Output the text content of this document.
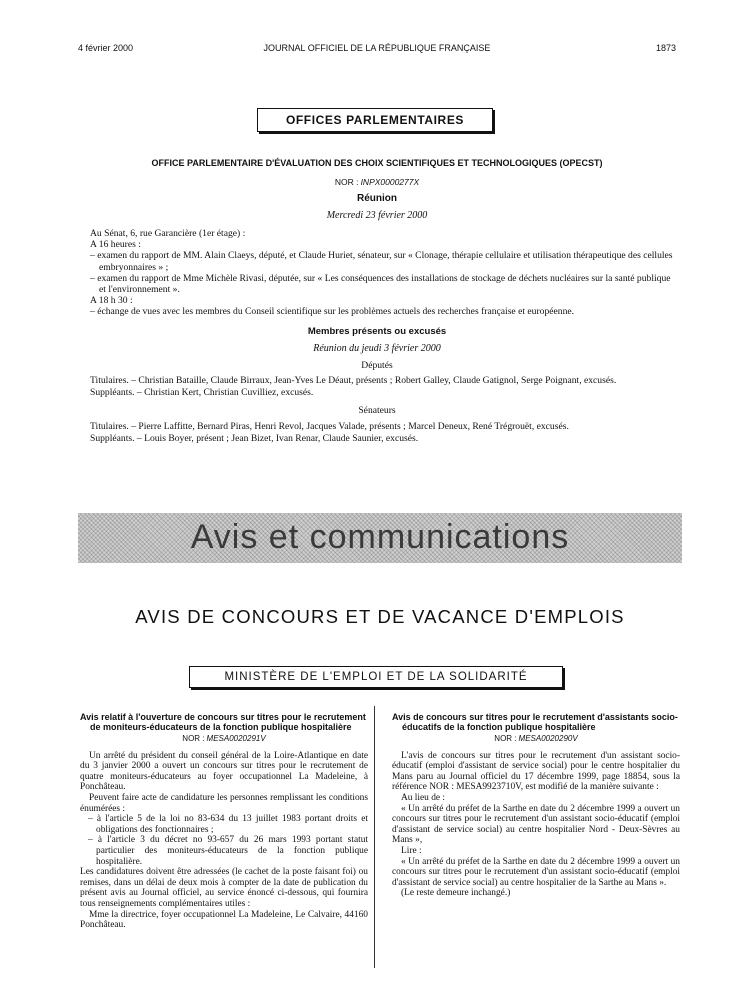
4 février 2000	JOURNAL OFFICIEL DE LA RÉPUBLIQUE FRANÇAISE	1873
OFFICES PARLEMENTAIRES
OFFICE PARLEMENTAIRE D'ÉVALUATION DES CHOIX SCIENTIFIQUES ET TECHNOLOGIQUES (OPECST)
NOR : INPX0000277X
Réunion
Mercredi 23 février 2000

Au Sénat, 6, rue Garancière (1er étage) :

A 16 heures :

– examen du rapport de MM. Alain Claeys, député, et Claude Huriet, sénateur, sur « Clonage, thérapie cellulaire et utilisation thérapeutique des cellules embryonnaires » ;

– examen du rapport de Mme Michèle Rivasi, députée, sur « Les conséquences des installations de stockage de déchets nucléaires sur la santé publique et l'environnement ».

A 18 h 30 :

– échange de vues avec les membres du Conseil scientifique sur les problèmes actuels des recherches française et européenne.

Membres présents ou excusés
Réunion du jeudi 3 février 2000
Députés

Titulaires. – Christian Bataille, Claude Birraux, Jean-Yves Le Déaut, présents ; Robert Galley, Claude Gatignol, Serge Poignant, excusés.

Suppléants. – Christian Kert, Christian Cuvilliez, excusés.

Sénateurs

Titulaires. – Pierre Laffitte, Bernard Piras, Henri Revol, Jacques Valade, présents ; Marcel Deneux, René Trégrouët, excusés.

Suppléants. – Louis Boyer, présent ; Jean Bizet, Ivan Renar, Claude Saunier, excusés.

Avis et communications
AVIS DE CONCOURS ET DE VACANCE D'EMPLOIS
MINISTÈRE DE L'EMPLOI ET DE LA SOLIDARITÉ

Avis relatif à l'ouverture de concours sur titres pour le recrutement de moniteurs-éducateurs de la fonction publique hospitalière

NOR : MESA0020291V

Un arrêté du président du conseil général de la Loire-Atlantique en date du 3 janvier 2000 a ouvert un concours sur titres pour le recrutement de quatre moniteurs-éducateurs au foyer occupationnel La Madeleine, à Ponchâteau.

Peuvent faire acte de candidature les personnes remplissant les conditions énumérées :

– à l'article 5 de la loi no 83-634 du 13 juillet 1983 portant droits et obligations des fonctionnaires ;

– à l'article 3 du décret no 93-657 du 26 mars 1993 portant statut particulier des moniteurs-éducateurs de la fonction publique hospitalière.

Les candidatures doivent être adressées (le cachet de la poste faisant foi) ou remises, dans un délai de deux mois à compter de la date de publication du présent avis au Journal officiel, au service énoncé ci-dessous, qui fournira tous renseignements complémentaires utiles :

Mme la directrice, foyer occupationnel La Madeleine, Le Calvaire, 44160 Ponchâteau.

Avis de concours sur titres pour le recrutement d'assistants socio-éducatifs de la fonction publique hospitalière

NOR : MESA0020290V

L'avis de concours sur titres pour le recrutement d'un assistant socio-éducatif (emploi d'assistant de service social) pour le centre hospitalier du Mans paru au Journal officiel du 17 décembre 1999, page 18854, sous la référence NOR : MESA9923710V, est modifié de la manière suivante :

Au lieu de :

« Un arrêté du préfet de la Sarthe en date du 2 décembre 1999 a ouvert un concours sur titres pour le recrutement d'un assistant socio-éducatif (emploi d'assistant de service social) au centre hospitalier Nord - Deux-Sèvres au Mans »,

Lire :

« Un arrêté du préfet de la Sarthe en date du 2 décembre 1999 a ouvert un concours sur titres pour le recrutement d'un assistant socio-éducatif (emploi d'assistant de service social) au centre hospitalier de la Sarthe au Mans ».

(Le reste demeure inchangé.)
